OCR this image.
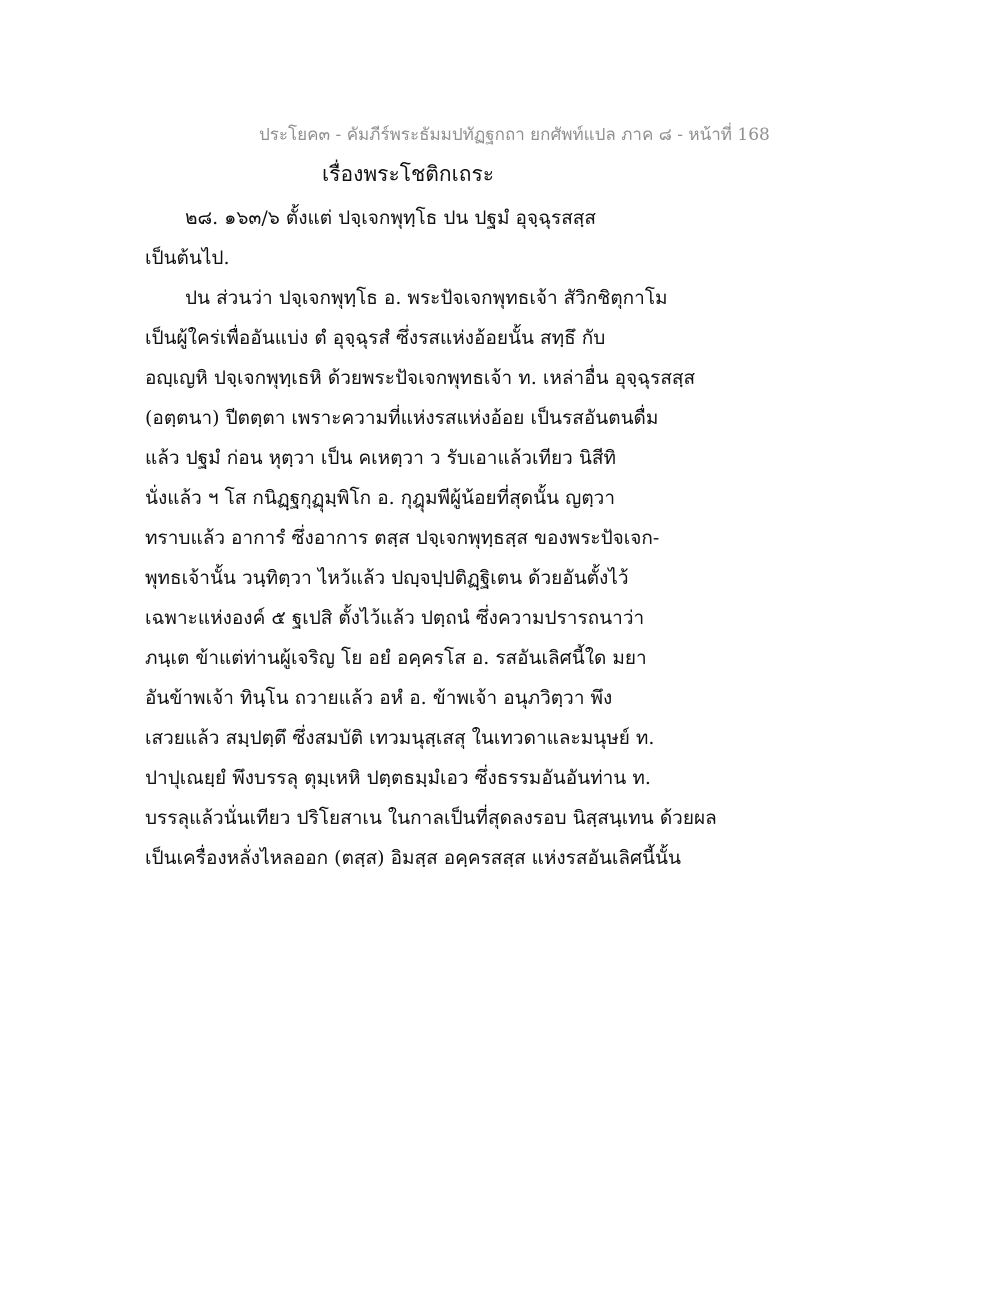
ประโยค๓ - คัมภีร์พระธัมมปทัฏฐกถา ยกศัพท์แปล ภาค ๘ - หน้าที่ 168
เรื่องพระโชติกเถระ
๒๘. ๑๖๓/๖ ตั้งแต่ ปจฺเจกพุทฺโธ ปน ปฐมํ อุจฺฉุรสสฺส
เป็นต้นไป.
ปน ส่วนว่า ปจฺเจกพุทฺโธ อ. พระปัจเจกพุทธเจ้า สัวิกชิตุกาโม
เป็นผู้ใคร่เพื่ออันแบ่ง ตํ อุจฺฉุรสํ ซึ่งรสแห่งอ้อยนั้น สทฺธึ กับ
อญฺเญหิ ปจฺเจกพุทฺเธหิ ด้วยพระปัจเจกพุทธเจ้า ท. เหล่าอื่น อุจฺฉุรสสฺส
(อตฺตนา) ปีตตฺตา เพราะความที่แห่งรสแห่งอ้อย เป็นรสอันตนดื่ม
แล้ว ปฐมํ ก่อน หุตฺวา เป็น คเหตฺวา ว รับเอาแล้วเทียว นิสีทิ
นั่งแล้ว ฯ โส กนิฏฺฐกุฏุมฺพิโก อ. กุฎุมพีผู้น้อยที่สุดนั้น ญตฺวา
ทราบแล้ว อาการํ ซึ่งอาการ ตสฺส ปจฺเจกพุทฺธสฺส ของพระปัจเจก-
พุทธเจ้านั้น วนฺทิตฺวา ไหว้แล้ว ปญฺจปฺปติฏฺฐิเตน ด้วยอันตั้งไว้
เฉพาะแห่งองค์ ๕ ฐเปสิ ตั้งไว้แล้ว ปตฺถนํ ซึ่งความปรารถนาว่า
ภนฺเต ข้าแต่ท่านผู้เจริญ โย อยํ อคฺครโส อ. รสอันเลิศนี้ใด มยา
อันข้าพเจ้า ทินฺโน ถวายแล้ว อหํ อ. ข้าพเจ้า อนุภวิตฺวา พึง
เสวยแล้ว สมฺปตฺตึ ซึ่งสมบัติ เทวมนุสฺเสสุ ในเทวดาและมนุษย์ ท.
ปาปุเณยฺยํ พึงบรรลุ ตุมฺเหหิ ปตฺตธมฺมํเอว ซึ่งธรรมอันอันท่าน ท.
บรรลุแล้วนั่นเทียว ปริโยสาเน ในกาลเป็นที่สุดลงรอบ นิสฺสนฺเทน ด้วยผล
เป็นเครื่องหลั่งไหลออก (ตสฺส) อิมสฺส อคฺครสสฺส แห่งรสอันเลิศนี้นั้น
